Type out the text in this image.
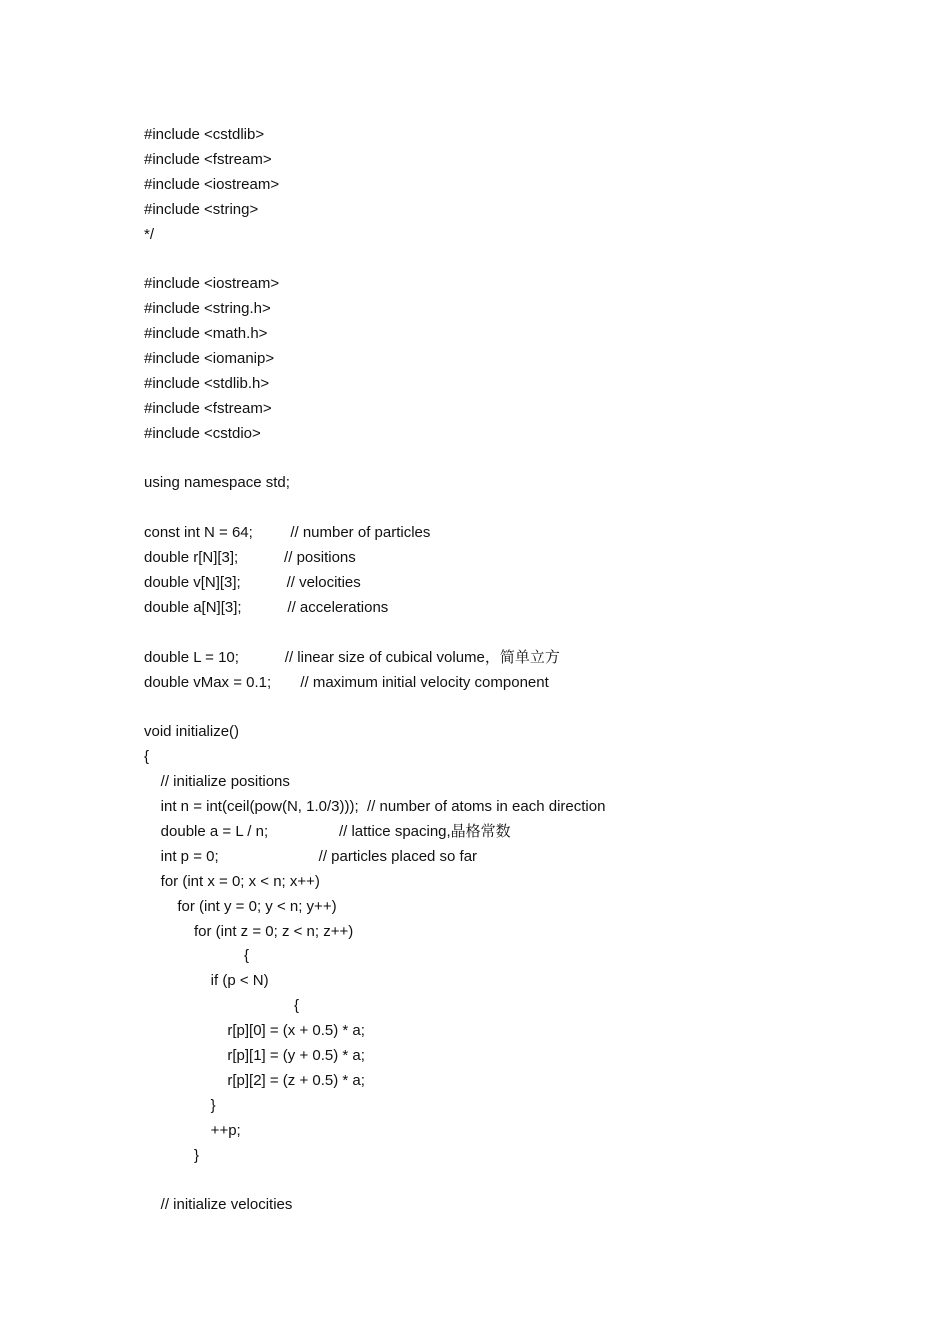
#include <cstdlib>
#include <fstream>
#include <iostream>
#include <string>
*/
#include <iostream>
#include <string.h>
#include <math.h>
#include <iomanip>
#include <stdlib.h>
#include <fstream>
#include <cstdio>
using namespace std;
const int N = 64;         // number of particles
double r[N][3];           // positions
double v[N][3];           // velocities
double a[N][3];           // accelerations
double L = 10;           // linear size of cubical volume，简单立方
double vMax = 0.1;       // maximum initial velocity component
void initialize()
{
// initialize positions
int n = int(ceil(pow(N, 1.0/3)));  // number of atoms in each direction
double a = L / n;                 // lattice spacing,晶格常数
int p = 0;                        // particles placed so far
for (int x = 0; x < n; x++)
for (int y = 0; y < n; y++)
for (int z = 0; z < n; z++)
{
if (p < N)
{
r[p][0] = (x + 0.5) * a;
r[p][1] = (y + 0.5) * a;
r[p][2] = (z + 0.5) * a;
}
++p;
}
// initialize velocities
